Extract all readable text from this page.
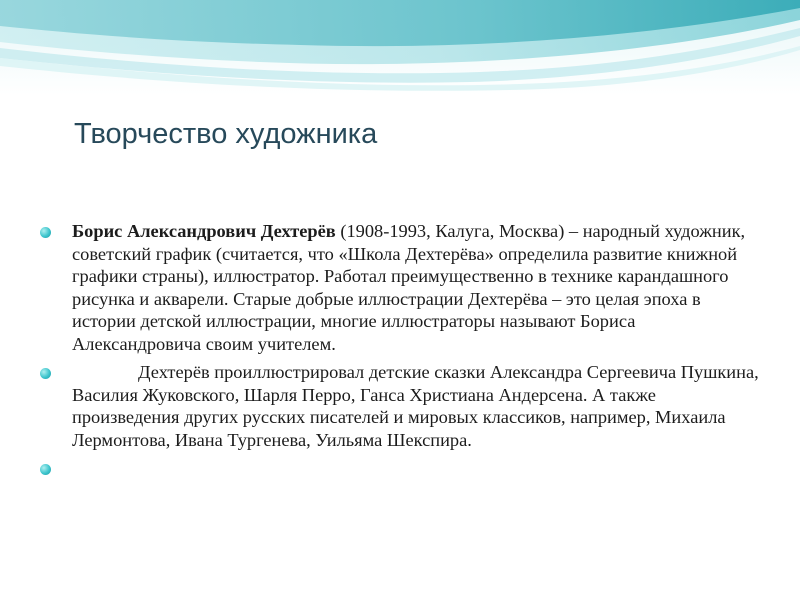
Творчество художника
Борис Александрович Дехтерёв (1908-1993, Калуга, Москва) – народный художник, советский график (считается, что «Школа Дехтерёва» определила развитие книжной графики страны), иллюстратор. Работал преимущественно в технике карандашного рисунка и акварели. Старые добрые иллюстрации Дехтерёва – это целая эпоха в истории детской иллюстрации, многие иллюстраторы называют Бориса Александровича своим учителем.
Дехтерёв проиллюстрировал детские сказки Александра Сергеевича Пушкина, Василия Жуковского, Шарля Перро, Ганса Христиана Андерсена. А также произведения других русских писателей и мировых классиков, например, Михаила Лермонтова, Ивана Тургенева, Уильяма Шекспира.
